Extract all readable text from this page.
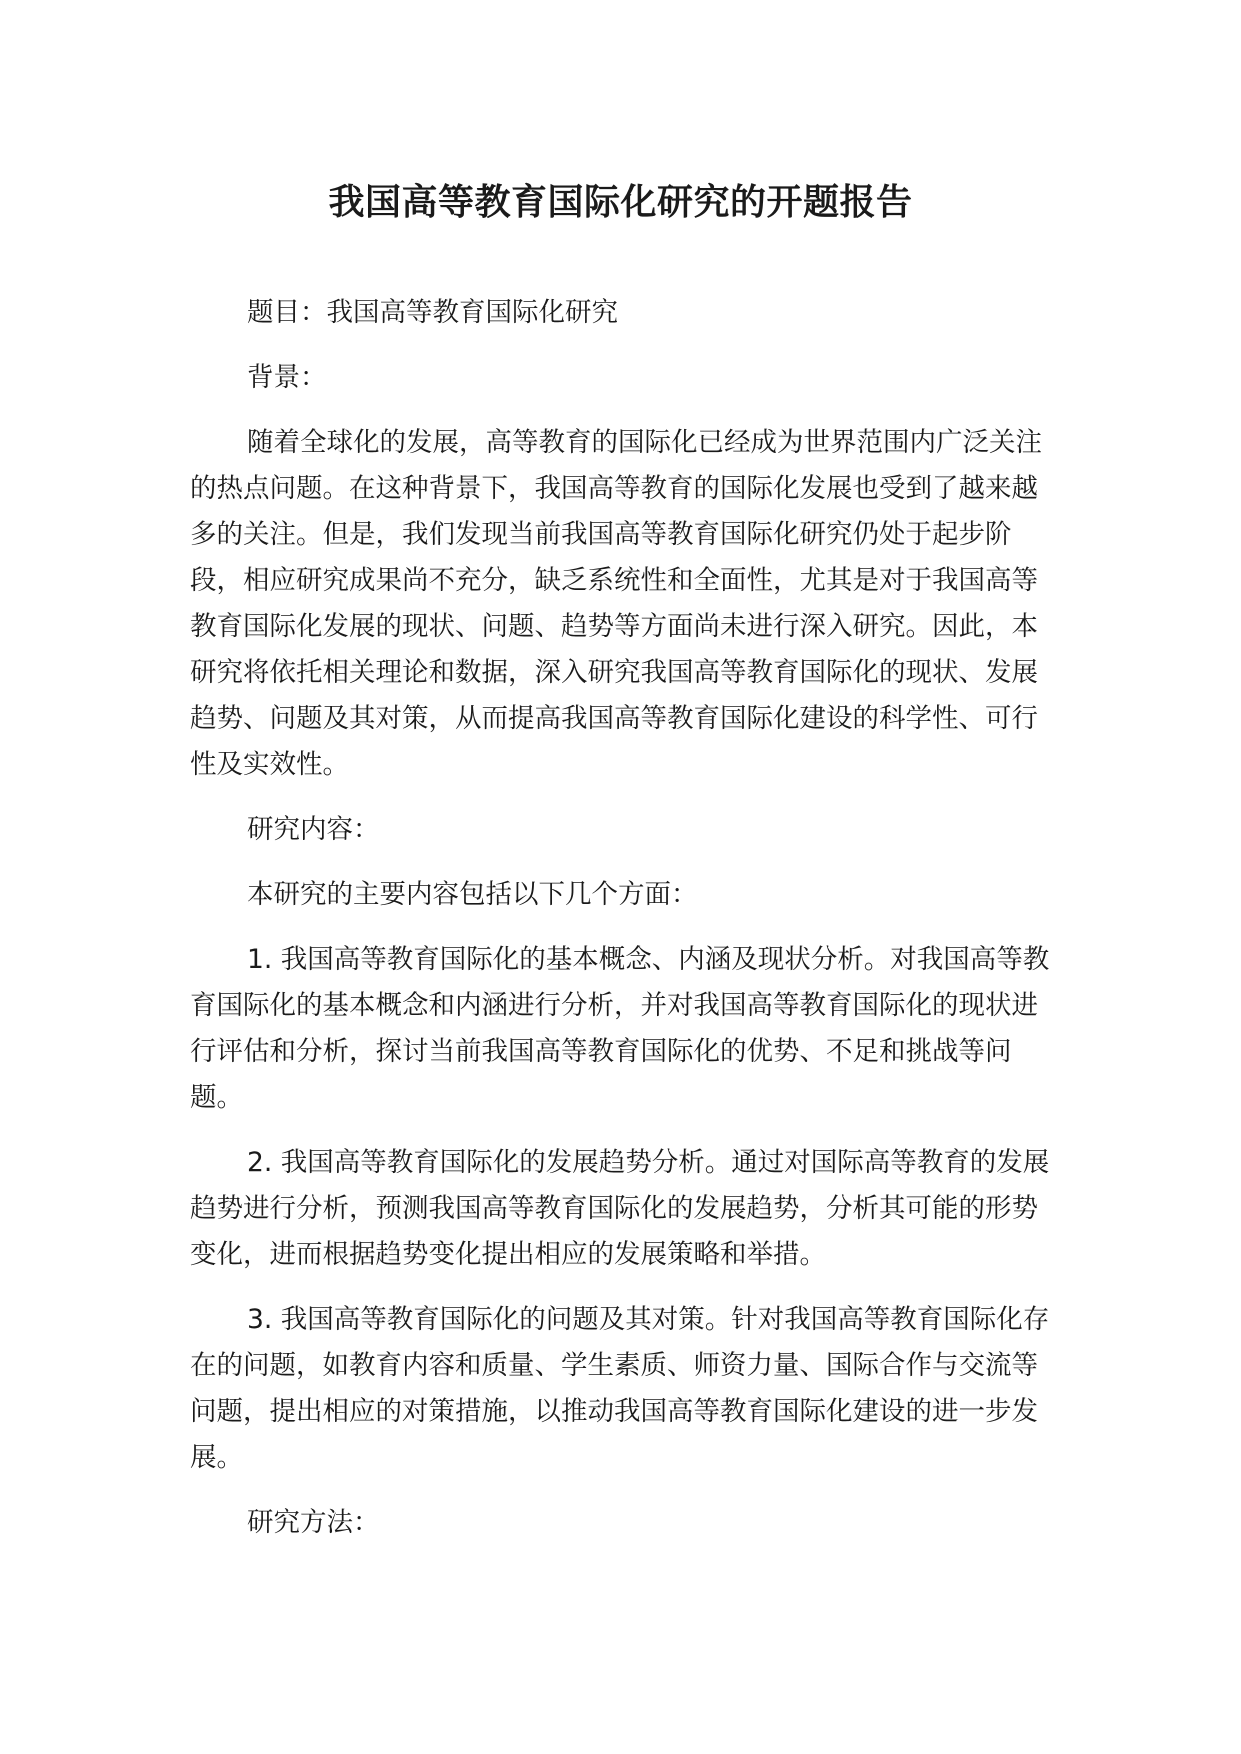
我国高等教育国际化研究的开题报告

题目：我国高等教育国际化研究

背景：

随着全球化的发展，高等教育的国际化已经成为世界范围内广泛关注的热点问题。在这种背景下，我国高等教育的国际化发展也受到了越来越多的关注。但是，我们发现当前我国高等教育国际化研究仍处于起步阶段，相应研究成果尚不充分，缺乏系统性和全面性，尤其是对于我国高等教育国际化发展的现状、问题、趋势等方面尚未进行深入研究。因此，本研究将依托相关理论和数据，深入研究我国高等教育国际化的现状、发展趋势、问题及其对策，从而提高我国高等教育国际化建设的科学性、可行性及实效性。

研究内容：

本研究的主要内容包括以下几个方面：

1. 我国高等教育国际化的基本概念、内涵及现状分析。对我国高等教育国际化的基本概念和内涵进行分析，并对我国高等教育国际化的现状进行评估和分析，探讨当前我国高等教育国际化的优势、不足和挑战等问题。

2. 我国高等教育国际化的发展趋势分析。通过对国际高等教育的发展趋势进行分析，预测我国高等教育国际化的发展趋势，分析其可能的形势变化，进而根据趋势变化提出相应的发展策略和举措。

3. 我国高等教育国际化的问题及其对策。针对我国高等教育国际化存在的问题，如教育内容和质量、学生素质、师资力量、国际合作与交流等问题，提出相应的对策措施，以推动我国高等教育国际化建设的进一步发展。

研究方法：
